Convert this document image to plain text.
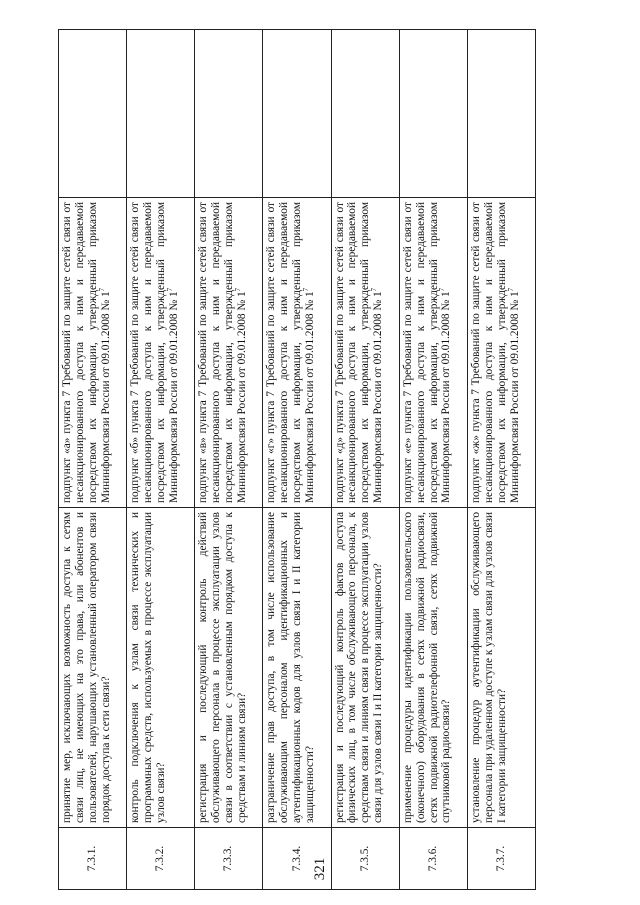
321
7.3.1.	принятие мер, исключающих возможность доступа к сетям связи лиц, не имеющих на это права, или абонентов и пользователей, нарушающих установленный оператором связи порядок доступа к сети связи?	подпункт «а» пункта 7 Требований по защите сетей связи от несанкционированного доступа к ним и передаваемой посредством их информации, утвержденный приказом Мининформсвязи России от 09.01.2008 № $1^7$	
7.3.2.	контроль подключения к узлам связи технических и программных средств, используемых в процессе эксплуатации узлов связи?	подпункт «б» пункта 7 Требований по защите сетей связи от несанкционированного доступа к ним и передаваемой посредством их информации, утвержденный приказом Мининформсвязи России от 09.01.2008 № $1^7$	
7.3.3.	регистрация и последующий контроль действий обслуживающего персонала в процессе эксплуатации узлов связи в соответствии с установленным порядком доступа к средствам и линиям связи?	подпункт «в» пункта 7 Требований по защите сетей связи от несанкционированного доступа к ним и передаваемой посредством их информации, утвержденный приказом Мининформсвязи России от 09.01.2008 № $1^7$	
7.3.4.	разграничение прав доступа, в том числе использование обслуживающим персоналом идентификационных и аутентификационных кодов для узлов связи I и II категории защищенности?	подпункт «г» пункта 7 Требований по защите сетей связи от несанкционированного доступа к ним и передаваемой посредством их информации, утвержденный приказом Мининформсвязи России от 09.01.2008 № $1^7$	
7.3.5.	регистрация и последующий контроль фактов доступа физических лиц, в том числе обслуживающего персонала, к средствам связи и линиям связи в процессе эксплуатации узлов связи для узлов связи I и II категории защищенности?	подпункт «д» пункта 7 Требований по защите сетей связи от несанкционированного доступа к ним и передаваемой посредством их информации, утвержденный приказом Мининформсвязи России от 09.01.2008 № $1^7$	
7.3.6.	применение процедуры идентификации пользовательского (оконечного) оборудования в сетях подвижной радиосвязи, сетях подвижной радиотелефонной связи, сетях подвижной спутниковой радиосвязи?	подпункт «е» пункта 7 Требований по защите сетей связи от несанкционированного доступа к ним и передаваемой посредством их информации, утвержденный приказом Мининформсвязи России от 09.01.2008 № $1^7$	
7.3.7.	установление процедур аутентификации обслуживающего персонала при удаленном доступе к узлам связи для узлов связи I категории защищенности?	подпункт «ж» пункта 7 Требований по защите сетей связи от несанкционированного доступа к ним и передаваемой посредством их информации, утвержденный приказом Мининформсвязи России от 09.01.2008 № $1^7$	
